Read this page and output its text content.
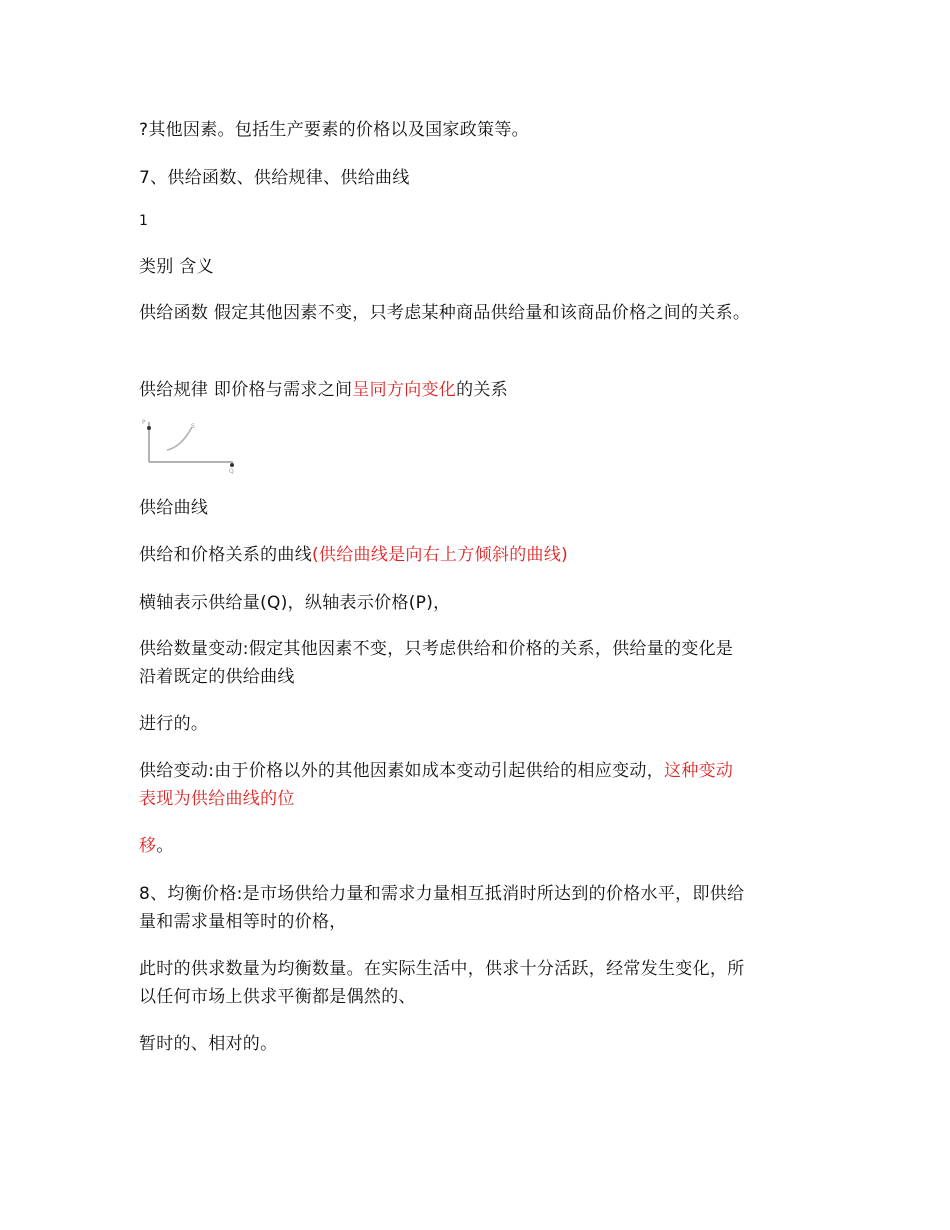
?其他因素。包括生产要素的价格以及国家政策等。
7、供给函数、供给规律、供给曲线
1
类别 含义
供给函数 假定其他因素不变，只考虑某种商品供给量和该商品价格之间的关系。
供给规律 即价格与需求之间呈同方向变化的关系
P
Q
S
供给曲线
供给和价格关系的曲线(供给曲线是向右上方倾斜的曲线)
横轴表示供给量(Q)，纵轴表示价格(P)，
供给数量变动:假定其他因素不变，只考虑供给和价格的关系，供给量的变化是
沿着既定的供给曲线
进行的。
供给变动:由于价格以外的其他因素如成本变动引起供给的相应变动，这种变动
表现为供给曲线的位
移。
8、均衡价格:是市场供给力量和需求力量相互抵消时所达到的价格水平，即供给
量和需求量相等时的价格，
此时的供求数量为均衡数量。在实际生活中，供求十分活跃，经常发生变化，所
以任何市场上供求平衡都是偶然的、
暂时的、相对的。
